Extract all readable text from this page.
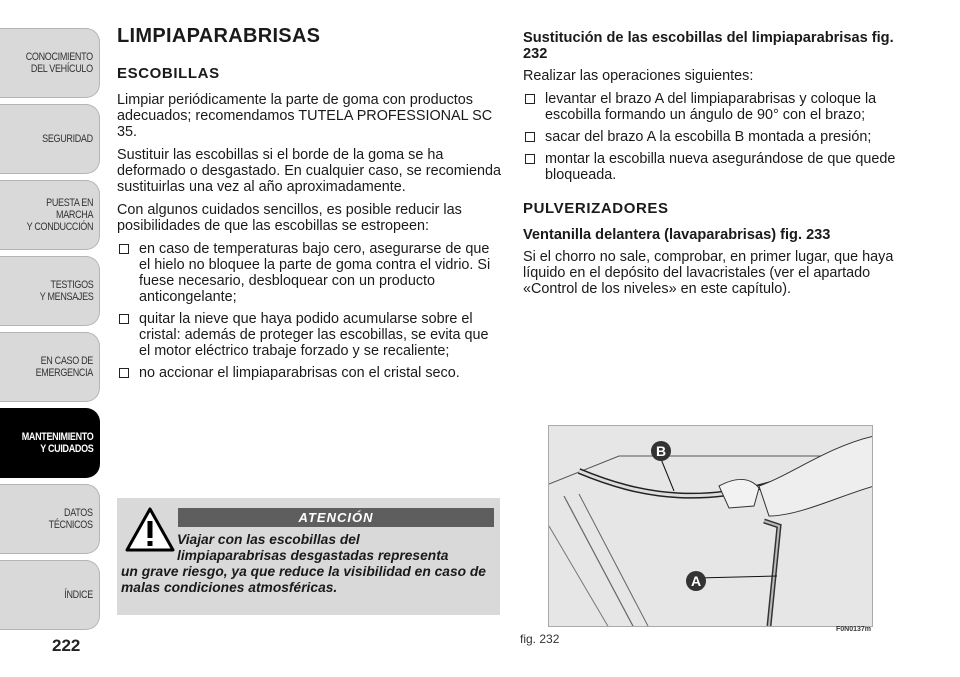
CONOCIMIENTO
DEL VEHÍCULO
SEGURIDAD
PUESTA EN
MARCHA
Y CONDUCCIÓN
TESTIGOS
Y MENSAJES
EN CASO DE
EMERGENCIA
MANTENIMIENTO
Y CUIDADOS
DATOS
TÉCNICOS
ÍNDICE
222
LIMPIAPARABRISAS
ESCOBILLAS

Limpiar periódicamente la parte de goma con productos adecuados; recomendamos TUTELA PROFESSIONAL SC 35.

Sustituir las escobillas si el borde de la goma se ha deformado o desgastado. En cualquier caso, se recomienda sustituirlas una vez al año aproximadamente.

Con algunos cuidados sencillos, es posible reducir las posibilidades de que las escobillas se estropeen:

en caso de temperaturas bajo cero, asegurarse de que el hielo no bloquee la parte de goma contra el vidrio. Si fuese necesario, desbloquear con un producto anticongelante;
quitar la nieve que haya podido acumularse sobre el cristal: además de proteger las escobillas, se evita que el motor eléctrico trabaje forzado y se recaliente;
no accionar el limpiaparabrisas con el cristal seco.
ATENCIÓN
Viajar con las escobillas del
limpiaparabrisas desgastadas representa
un grave riesgo, ya que reduce la visibilidad en caso de malas condiciones atmosféricas.
Sustitución de las escobillas del limpiaparabrisas fig. 232

Realizar las operaciones siguientes:

levantar el brazo A del limpiaparabrisas y coloque la escobilla formando un ángulo de 90° con el brazo;
sacar del brazo A la escobilla B montada a presión;
montar la escobilla nueva asegurándose de que quede bloqueada.
PULVERIZADORES
Ventanilla delantera (lavaparabrisas) fig. 233

Si el chorro no sale, comprobar, en primer lugar, que haya líquido en el depósito del lavacristales (ver el apartado «Control de los niveles» en este capítulo).

B
A
fig. 232
F0N0137m
